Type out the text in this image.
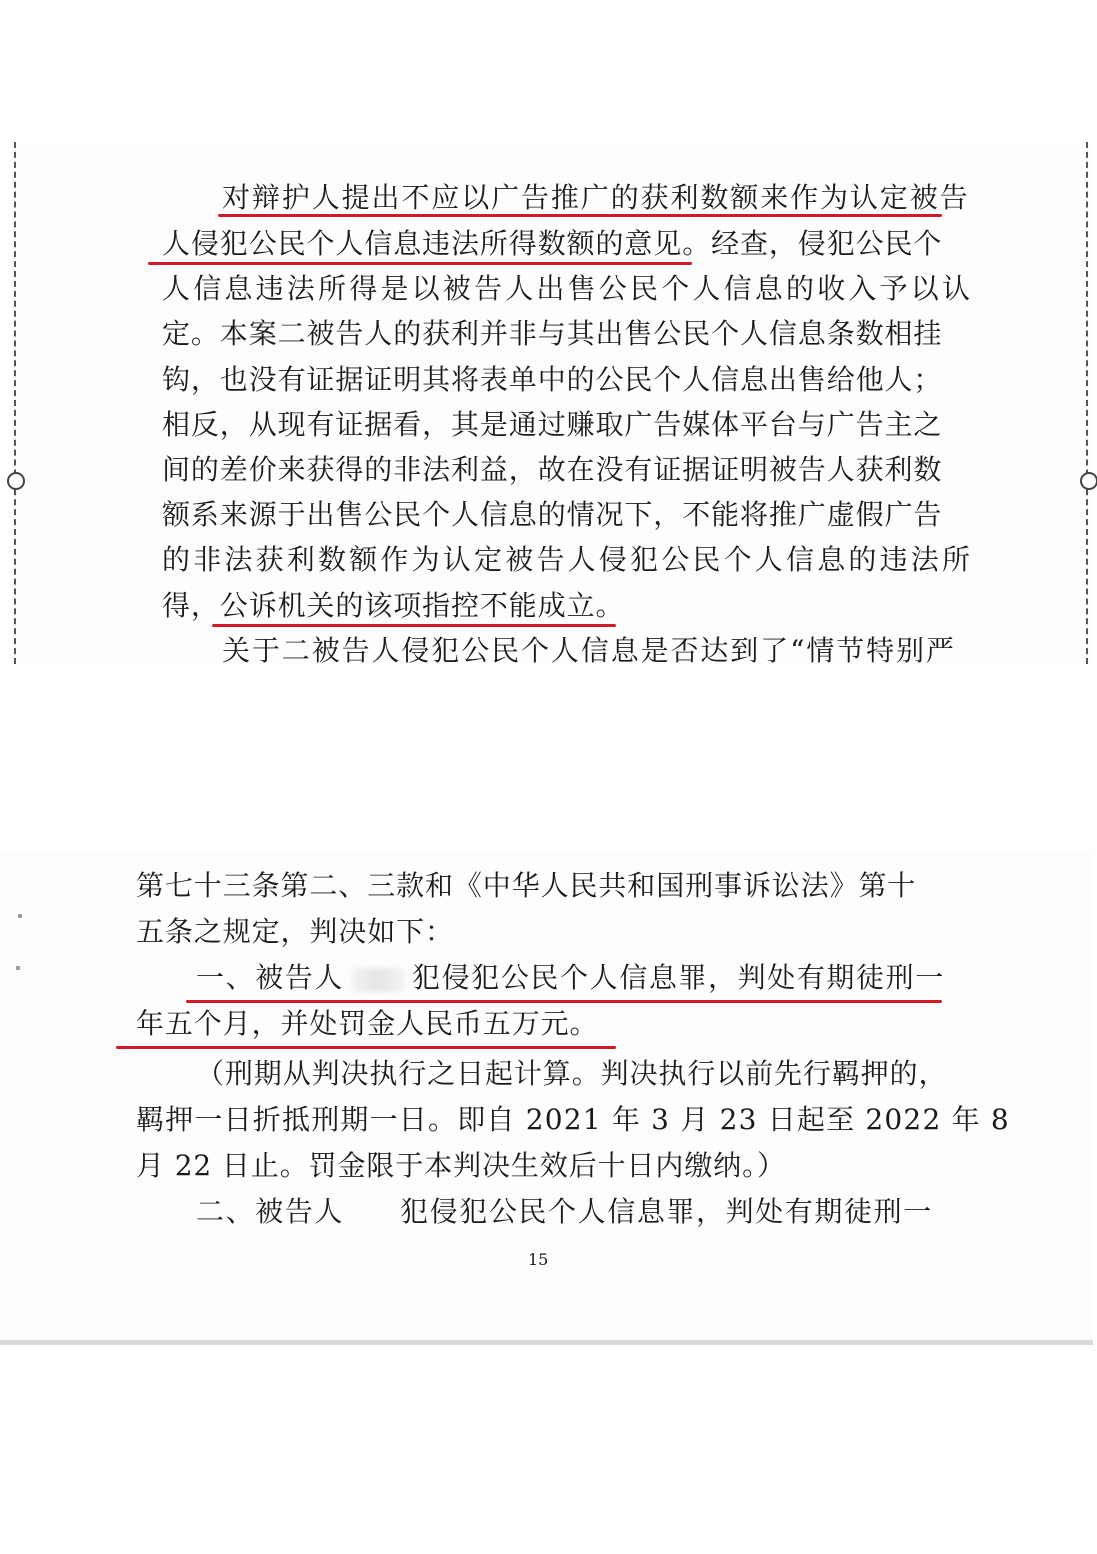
对辩护人提出不应以广告推广的获利数额来作为认定被告
人侵犯公民个人信息违法所得数额的意见。经查，侵犯公民个
人信息违法所得是以被告人出售公民个人信息的收入予以认
定。本案二被告人的获利并非与其出售公民个人信息条数相挂
钩，也没有证据证明其将表单中的公民个人信息出售给他人；
相反，从现有证据看，其是通过赚取广告媒体平台与广告主之
间的差价来获得的非法利益，故在没有证据证明被告人获利数
额系来源于出售公民个人信息的情况下，不能将推广虚假广告
的非法获利数额作为认定被告人侵犯公民个人信息的违法所
得，公诉机关的该项指控不能成立。
关于二被告人侵犯公民个人信息是否达到了“情节特别严
第七十三条第二、三款和《中华人民共和国刑事诉讼法》第十
五条之规定，判决如下：
一、被告人 犯侵犯公民个人信息罪，判处有期徒刑一
年五个月，并处罚金人民币五万元。
（刑期从判决执行之日起计算。判决执行以前先行羁押的，
羁押一日折抵刑期一日。即自 2021 年 3 月 23 日起至 2022 年 8
月 22 日止。罚金限于本判决生效后十日内缴纳。）
二、被告人 犯侵犯公民个人信息罪，判处有期徒刑一
15
